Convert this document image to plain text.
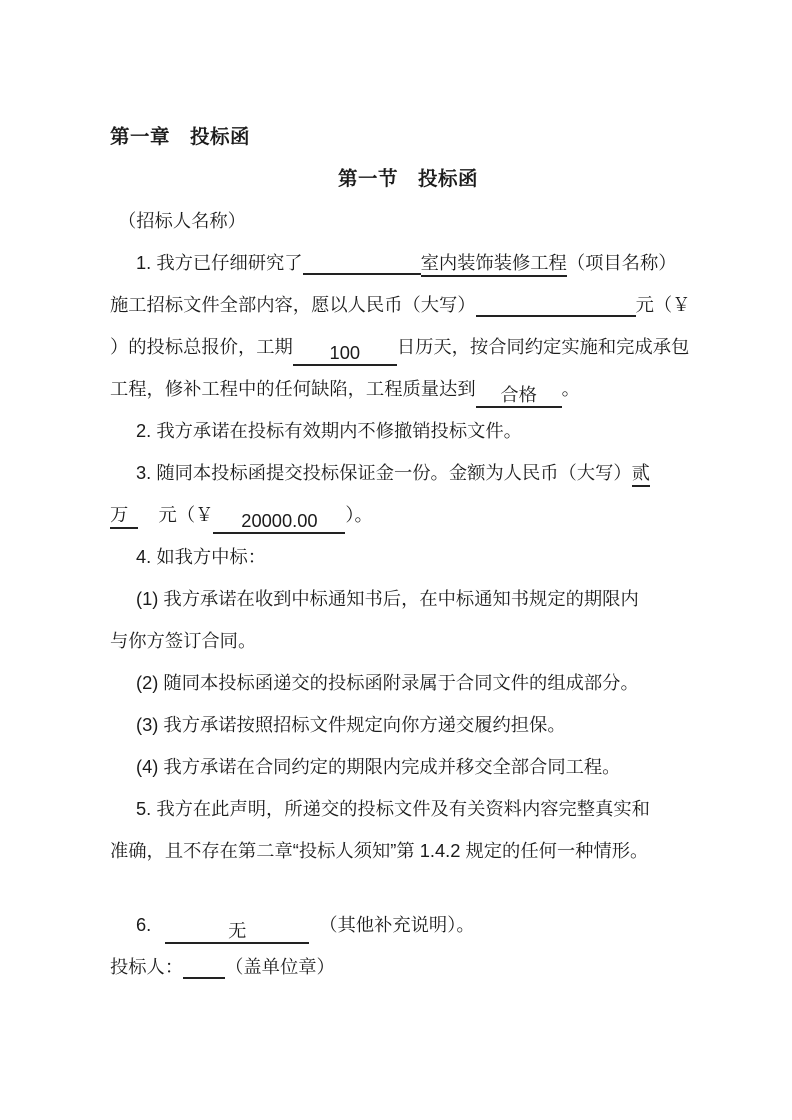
第一章　投标函
第一节　投标函
（招标人名称）
1. 我方已仔细研究了	室内装饰装修工程（项目名称）
施工招标文件全部内容，愿以人民币（大写）	元（￥
）的投标总报价，工期 100 日历天，按合同约定实施和完成承包
工程，修补工程中的任何缺陷，工程质量达到 合格 。
2. 我方承诺在投标有效期内不修撤销投标文件。
3. 随同本投标函提交投标保证金一份。金额为人民币（大写）贰
万　元（￥ 20000.00 ）。
4. 如我方中标：
(1) 我方承诺在收到中标通知书后，在中标通知书规定的期限内
与你方签订合同。
(2) 随同本投标函递交的投标函附录属于合同文件的组成部分。
(3) 我方承诺按照招标文件规定向你方递交履约担保。
(4) 我方承诺在合同约定的期限内完成并移交全部合同工程。
5. 我方在此声明，所递交的投标文件及有关资料内容完整真实和
准确，且不存在第二章“投标人须知”第 1.4.2 规定的任何一种情形。
6.	无	（其他补充说明）。
投标人： （盖单位章）
